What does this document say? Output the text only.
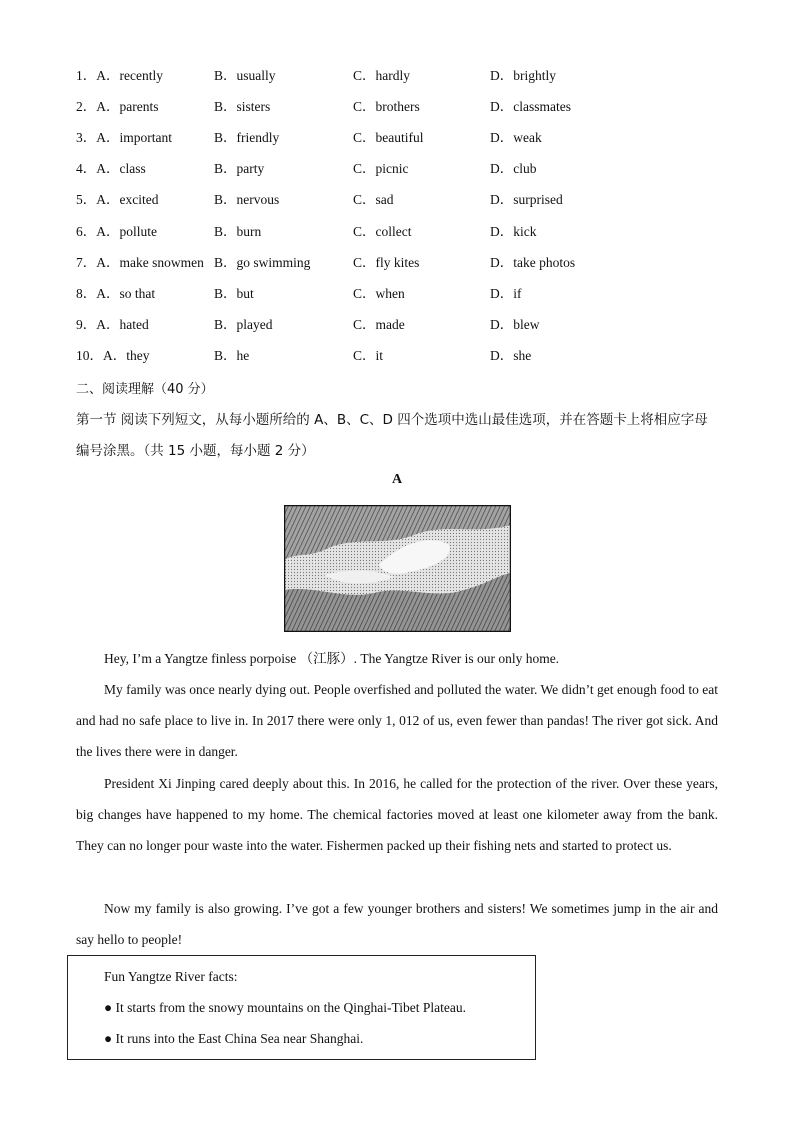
1．A．recently	B．usually	C．hardly	D．brightly
2．A．parents	B．sisters	C．brothers	D．classmates
3．A．important	B．friendly	C．beautiful	D．weak
4．A．class	B．party	C．picnic	D．club
5．A．excited	B．nervous	C．sad	D．surprised
6．A．pollute	B．burn	C．collect	D．kick
7．A．make snowmen B．go swimming	C．fly kites	D．take photos
8．A．so that	B．but	C．when	D．if
9．A．hated	B．played	C．made	D．blew
10．A．they	B．he	C．it	D．she
二、阅读理解（40 分）
第一节 阅读下列短文，从每小题所给的 A、B、C、D 四个选项中选山最佳选项，并在答题卡上将相应字母编号涂黑。（共 15 小题，每小题 2 分）
A
Hey, I’m a Yangtze finless porpoise （江豚）. The Yangtze River is our only home.
My family was once nearly dying out. People overfished and polluted the water. We didn’t get enough food to eat and had no safe place to live in. In 2017 there were only 1, 012 of us, even fewer than pandas! The river got sick. And the lives there were in danger.
President Xi Jinping cared deeply about this. In 2016, he called for the protection of the river. Over these years, big changes have happened to my home. The chemical factories moved at least one kilometer away from the bank. They can no longer pour waste into the water. Fishermen packed up their fishing nets and started to protect us.
Now my family is also growing. I’ve got a few younger brothers and sisters! We sometimes jump in the air and say hello to people!
Fun Yangtze River facts:
● It starts from the snowy mountains on the Qinghai-Tibet Plateau.
● It runs into the East China Sea near Shanghai.
